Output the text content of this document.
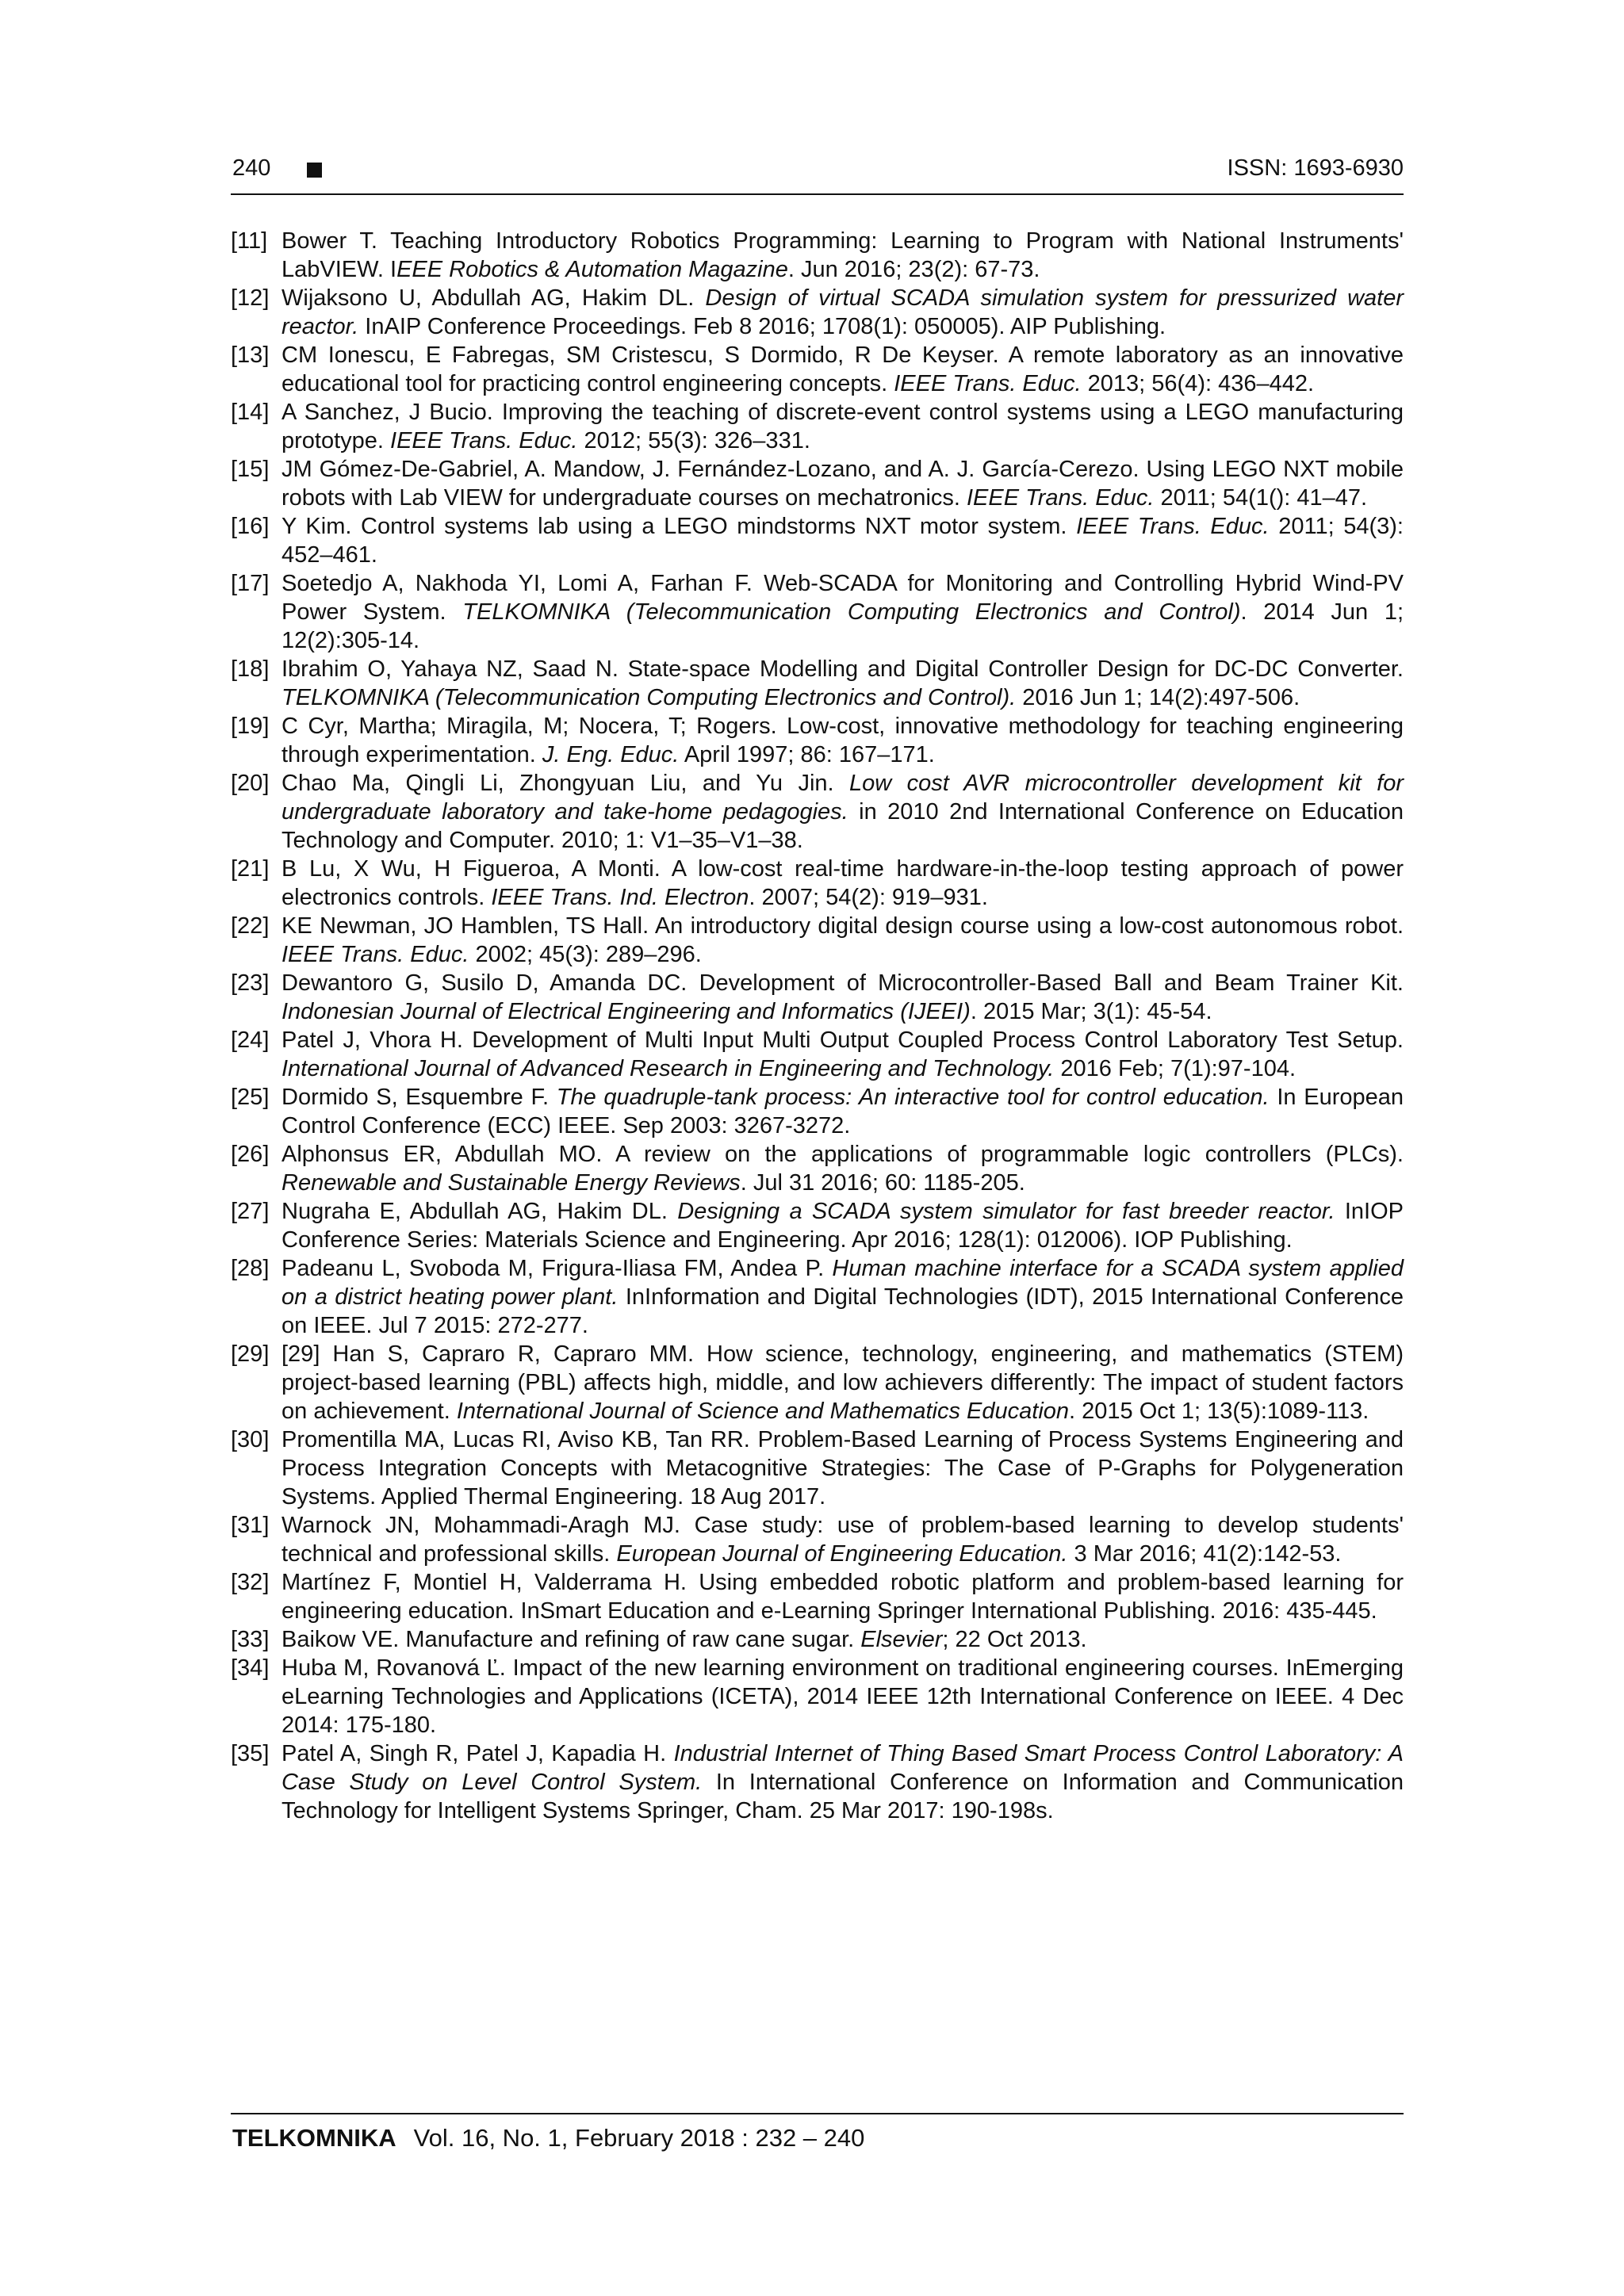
240	ISSN: 1693-6930
[11] Bower T. Teaching Introductory Robotics Programming: Learning to Program with National Instruments' LabVIEW. IEEE Robotics & Automation Magazine. Jun 2016; 23(2): 67-73.
[12] Wijaksono U, Abdullah AG, Hakim DL. Design of virtual SCADA simulation system for pressurized water reactor. InAIP Conference Proceedings. Feb 8 2016; 1708(1): 050005). AIP Publishing.
[13] CM Ionescu, E Fabregas, SM Cristescu, S Dormido, R De Keyser. A remote laboratory as an innovative educational tool for practicing control engineering concepts. IEEE Trans. Educ. 2013; 56(4): 436–442.
[14] A Sanchez, J Bucio. Improving the teaching of discrete-event control systems using a LEGO manufacturing prototype. IEEE Trans. Educ. 2012; 55(3): 326–331.
[15] JM Gómez-De-Gabriel, A. Mandow, J. Fernández-Lozano, and A. J. García-Cerezo. Using LEGO NXT mobile robots with Lab VIEW for undergraduate courses on mechatronics. IEEE Trans. Educ. 2011; 54(1(): 41–47.
[16] Y Kim. Control systems lab using a LEGO mindstorms NXT motor system. IEEE Trans. Educ. 2011; 54(3): 452–461.
[17] Soetedjo A, Nakhoda YI, Lomi A, Farhan F. Web-SCADA for Monitoring and Controlling Hybrid Wind-PV Power System. TELKOMNIKA (Telecommunication Computing Electronics and Control). 2014 Jun 1; 12(2):305-14.
[18] Ibrahim O, Yahaya NZ, Saad N. State-space Modelling and Digital Controller Design for DC-DC Converter. TELKOMNIKA (Telecommunication Computing Electronics and Control). 2016 Jun 1; 14(2):497-506.
[19] C Cyr, Martha; Miragila, M; Nocera, T; Rogers. Low-cost, innovative methodology for teaching engineering through experimentation. J. Eng. Educ. April 1997; 86: 167–171.
[20] Chao Ma, Qingli Li, Zhongyuan Liu, and Yu Jin. Low cost AVR microcontroller development kit for undergraduate laboratory and take-home pedagogies. in 2010 2nd International Conference on Education Technology and Computer. 2010; 1: V1–35–V1–38.
[21] B Lu, X Wu, H Figueroa, A Monti. A low-cost real-time hardware-in-the-loop testing approach of power electronics controls. IEEE Trans. Ind. Electron. 2007; 54(2): 919–931.
[22] KE Newman, JO Hamblen, TS Hall. An introductory digital design course using a low-cost autonomous robot. IEEE Trans. Educ. 2002; 45(3): 289–296.
[23] Dewantoro G, Susilo D, Amanda DC. Development of Microcontroller-Based Ball and Beam Trainer Kit. Indonesian Journal of Electrical Engineering and Informatics (IJEEI). 2015 Mar; 3(1): 45-54.
[24] Patel J, Vhora H. Development of Multi Input Multi Output Coupled Process Control Laboratory Test Setup. International Journal of Advanced Research in Engineering and Technology. 2016 Feb; 7(1):97-104.
[25] Dormido S, Esquembre F. The quadruple-tank process: An interactive tool for control education. In European Control Conference (ECC) IEEE. Sep 2003: 3267-3272.
[26] Alphonsus ER, Abdullah MO. A review on the applications of programmable logic controllers (PLCs). Renewable and Sustainable Energy Reviews. Jul 31 2016; 60: 1185-205.
[27] Nugraha E, Abdullah AG, Hakim DL. Designing a SCADA system simulator for fast breeder reactor. InIOP Conference Series: Materials Science and Engineering. Apr 2016; 128(1): 012006). IOP Publishing.
[28] Padeanu L, Svoboda M, Frigura-Iliasa FM, Andea P. Human machine interface for a SCADA system applied on a district heating power plant. InInformation and Digital Technologies (IDT), 2015 International Conference on IEEE. Jul 7 2015: 272-277.
[29] [29] Han S, Capraro R, Capraro MM. How science, technology, engineering, and mathematics (STEM) project-based learning (PBL) affects high, middle, and low achievers differently: The impact of student factors on achievement. International Journal of Science and Mathematics Education. 2015 Oct 1; 13(5):1089-113.
[30] Promentilla MA, Lucas RI, Aviso KB, Tan RR. Problem-Based Learning of Process Systems Engineering and Process Integration Concepts with Metacognitive Strategies: The Case of P-Graphs for Polygeneration Systems. Applied Thermal Engineering. 18 Aug 2017.
[31] Warnock JN, Mohammadi-Aragh MJ. Case study: use of problem-based learning to develop students' technical and professional skills. European Journal of Engineering Education. 3 Mar 2016; 41(2):142-53.
[32] Martínez F, Montiel H, Valderrama H. Using embedded robotic platform and problem-based learning for engineering education. InSmart Education and e-Learning Springer International Publishing. 2016: 435-445.
[33] Baikow VE. Manufacture and refining of raw cane sugar. Elsevier; 22 Oct 2013.
[34] Huba M, Rovanová Ľ. Impact of the new learning environment on traditional engineering courses. InEmerging eLearning Technologies and Applications (ICETA), 2014 IEEE 12th International Conference on IEEE. 4 Dec 2014: 175-180.
[35] Patel A, Singh R, Patel J, Kapadia H. Industrial Internet of Thing Based Smart Process Control Laboratory: A Case Study on Level Control System. In International Conference on Information and Communication Technology for Intelligent Systems Springer, Cham. 25 Mar 2017: 190-198s.
TELKOMNIKA Vol. 16, No. 1, February 2018 : 232 – 240
